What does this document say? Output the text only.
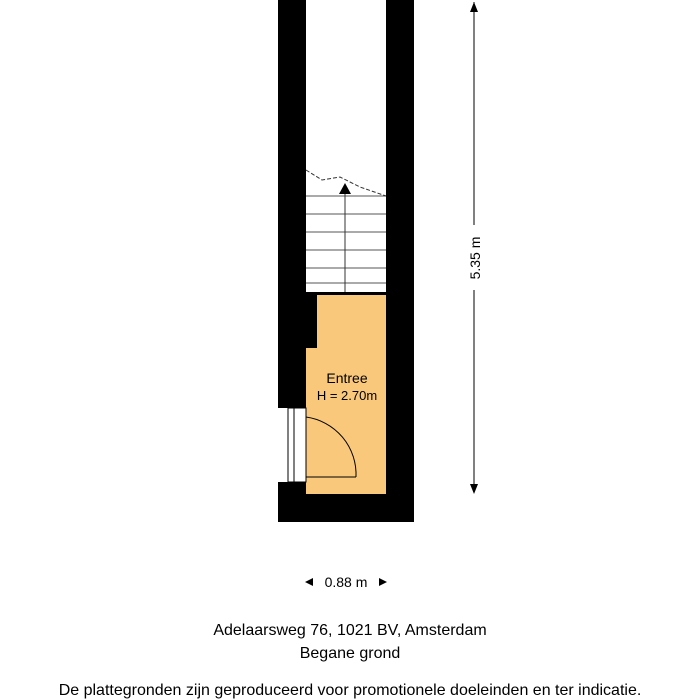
Entree
H = 2.70m
5.35 m
0.88 m
Adelaarsweg 76, 1021 BV, Amsterdam
Begane grond
De plattegronden zijn geproduceerd voor promotionele doeleinden en ter indicatie.
